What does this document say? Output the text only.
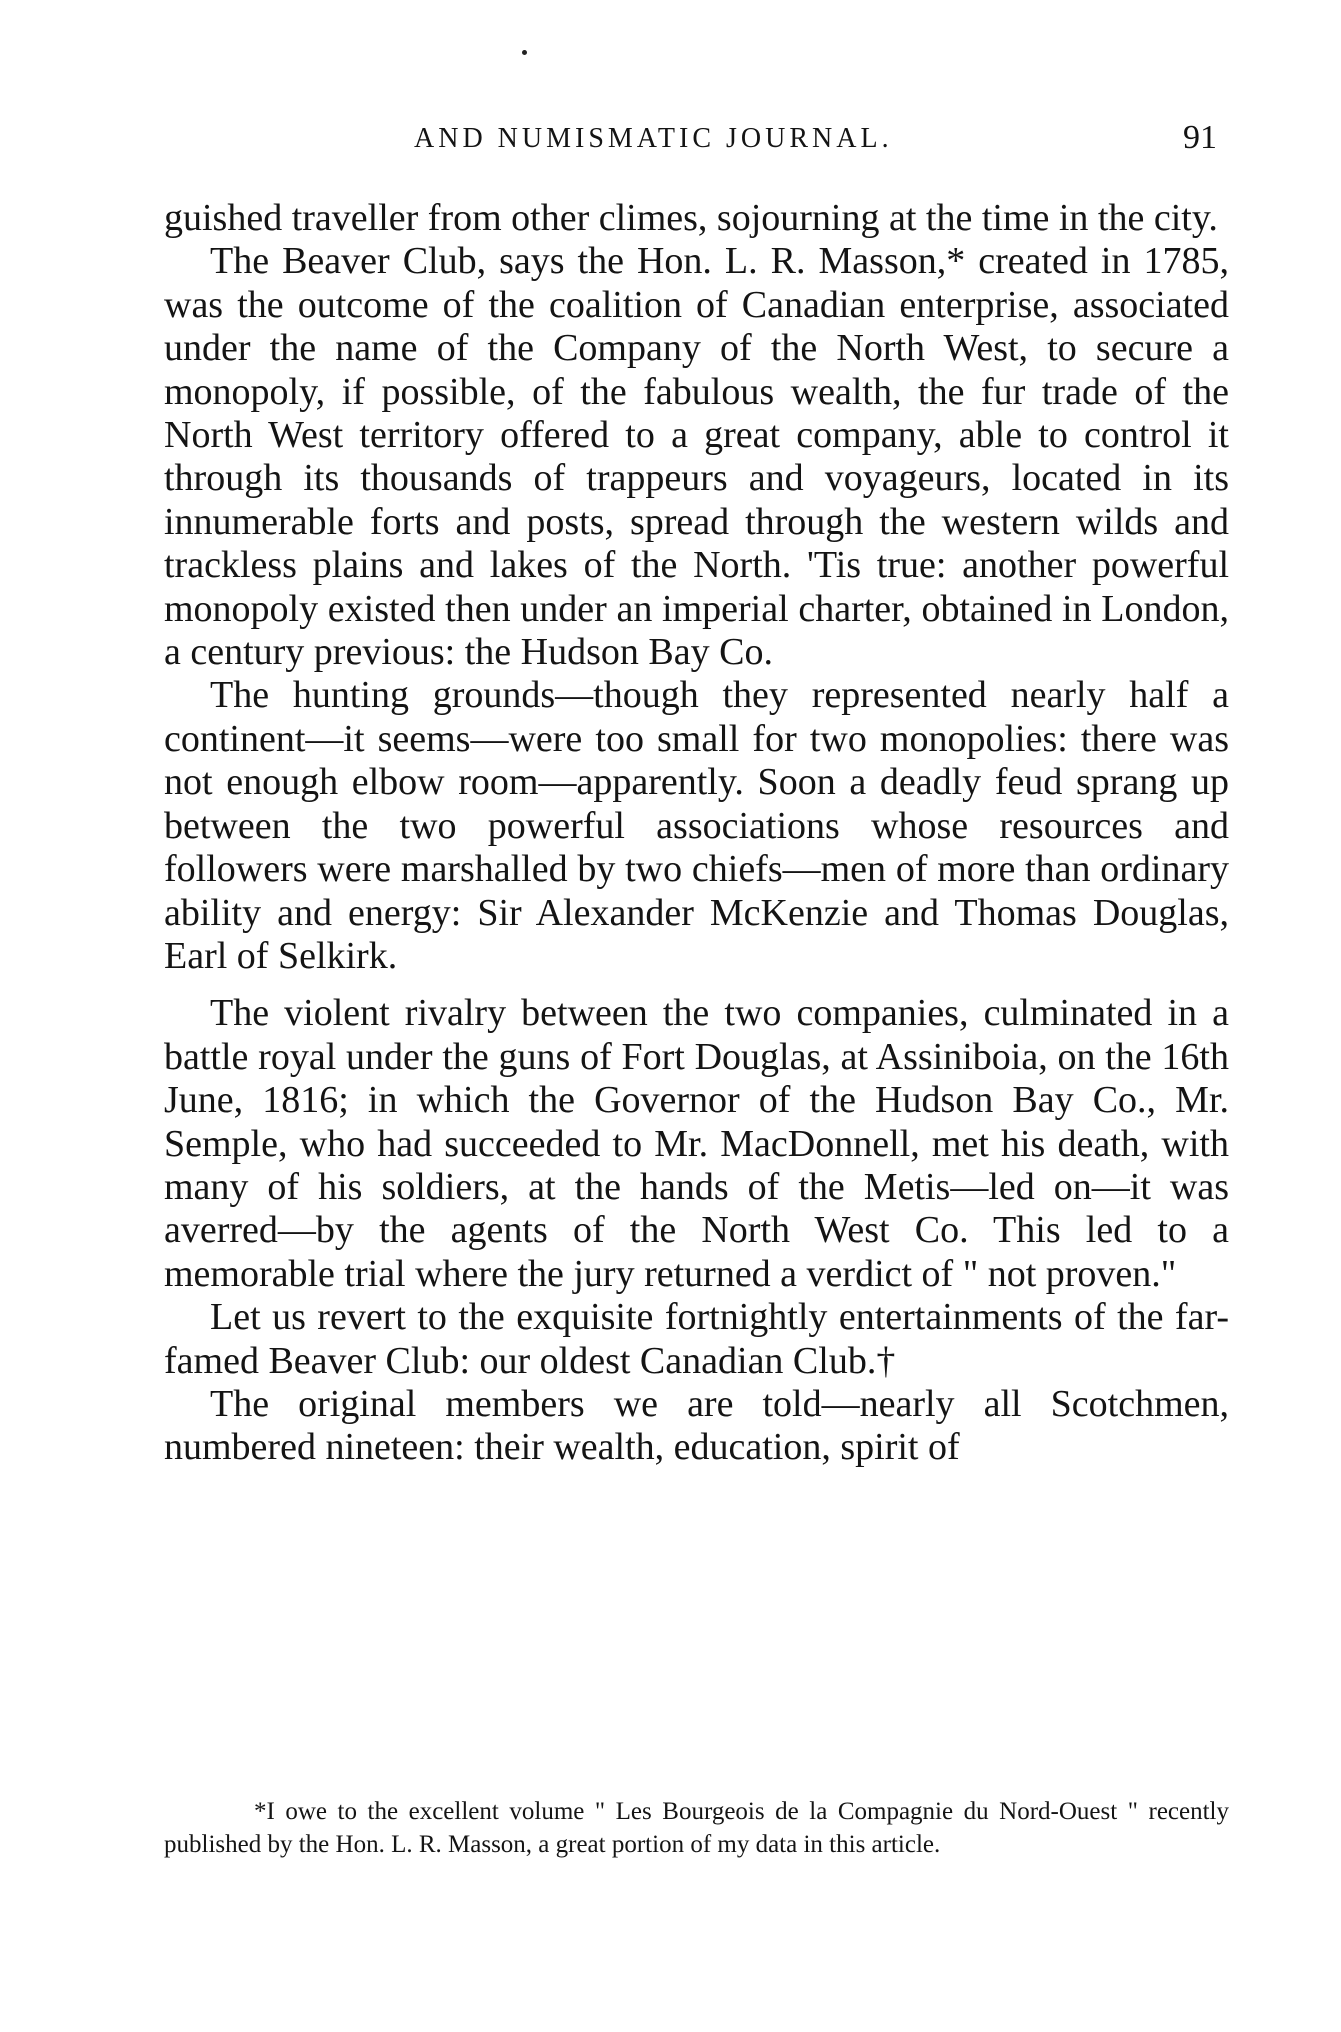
AND NUMISMATIC JOURNAL.	91

guished traveller from other climes, sojourning at the time in the city.

The Beaver Club, says the Hon. L. R. Masson,* created in 1785, was the outcome of the coalition of Canadian enterprise, associated under the name of the Company of the North West, to secure a monopoly, if possible, of the fabulous wealth, the fur trade of the North West territory offered to a great company, able to control it through its thousands of trappeurs and voyageurs, located in its innumerable forts and posts, spread through the western wilds and trackless plains and lakes of the North. 'Tis true: another powerful monopoly existed then under an imperial charter, obtained in London, a century previous: the Hudson Bay Co.

The hunting grounds—though they represented nearly half a continent—it seems—were too small for two monopolies: there was not enough elbow room—apparently. Soon a deadly feud sprang up between the two powerful associations whose resources and followers were marshalled by two chiefs—men of more than ordinary ability and energy: Sir Alexander McKenzie and Thomas Douglas, Earl of Selkirk.

The violent rivalry between the two companies, culminated in a battle royal under the guns of Fort Douglas, at Assiniboia, on the 16th June, 1816; in which the Governor of the Hudson Bay Co., Mr. Semple, who had succeeded to Mr. MacDonnell, met his death, with many of his soldiers, at the hands of the Metis—led on—it was averred—by the agents of the North West Co. This led to a memorable trial where the jury returned a verdict of " not proven."

Let us revert to the exquisite fortnightly entertainments of the far-famed Beaver Club: our oldest Canadian Club.†

The original members we are told—nearly all Scotchmen, numbered nineteen: their wealth, education, spirit of

*I owe to the excellent volume " Les Bourgeois de la Compagnie du Nord-Ouest " recently published by the Hon. L. R. Masson, a great portion of my data in this article.
